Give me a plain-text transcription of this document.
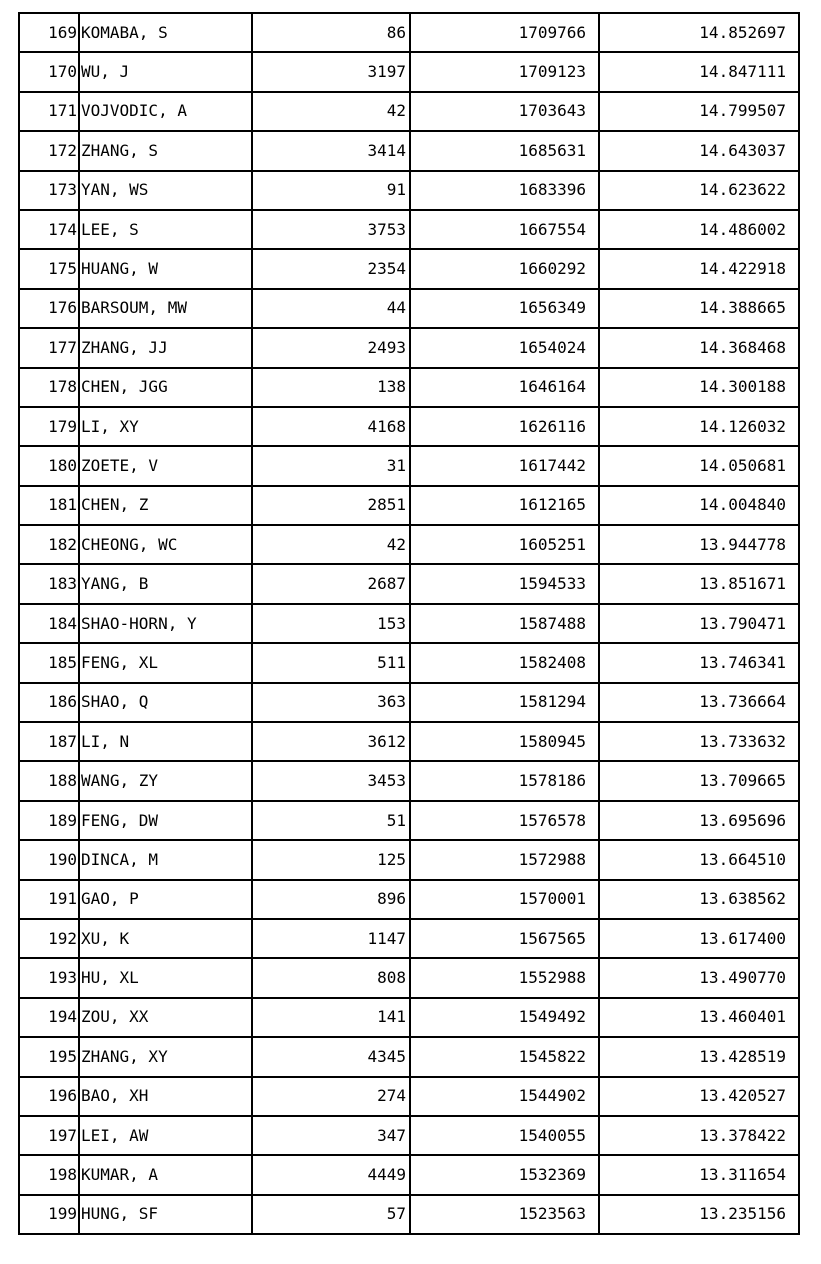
169	KOMABA, S	86	1709766	14.852697
170	WU, J	3197	1709123	14.847111
171	VOJVODIC, A	42	1703643	14.799507
172	ZHANG, S	3414	1685631	14.643037
173	YAN, WS	91	1683396	14.623622
174	LEE, S	3753	1667554	14.486002
175	HUANG, W	2354	1660292	14.422918
176	BARSOUM, MW	44	1656349	14.388665
177	ZHANG, JJ	2493	1654024	14.368468
178	CHEN, JGG	138	1646164	14.300188
179	LI, XY	4168	1626116	14.126032
180	ZOETE, V	31	1617442	14.050681
181	CHEN, Z	2851	1612165	14.004840
182	CHEONG, WC	42	1605251	13.944778
183	YANG, B	2687	1594533	13.851671
184	SHAO-HORN, Y	153	1587488	13.790471
185	FENG, XL	511	1582408	13.746341
186	SHAO, Q	363	1581294	13.736664
187	LI, N	3612	1580945	13.733632
188	WANG, ZY	3453	1578186	13.709665
189	FENG, DW	51	1576578	13.695696
190	DINCA, M	125	1572988	13.664510
191	GAO, P	896	1570001	13.638562
192	XU, K	1147	1567565	13.617400
193	HU, XL	808	1552988	13.490770
194	ZOU, XX	141	1549492	13.460401
195	ZHANG, XY	4345	1545822	13.428519
196	BAO, XH	274	1544902	13.420527
197	LEI, AW	347	1540055	13.378422
198	KUMAR, A	4449	1532369	13.311654
199	HUNG, SF	57	1523563	13.235156
